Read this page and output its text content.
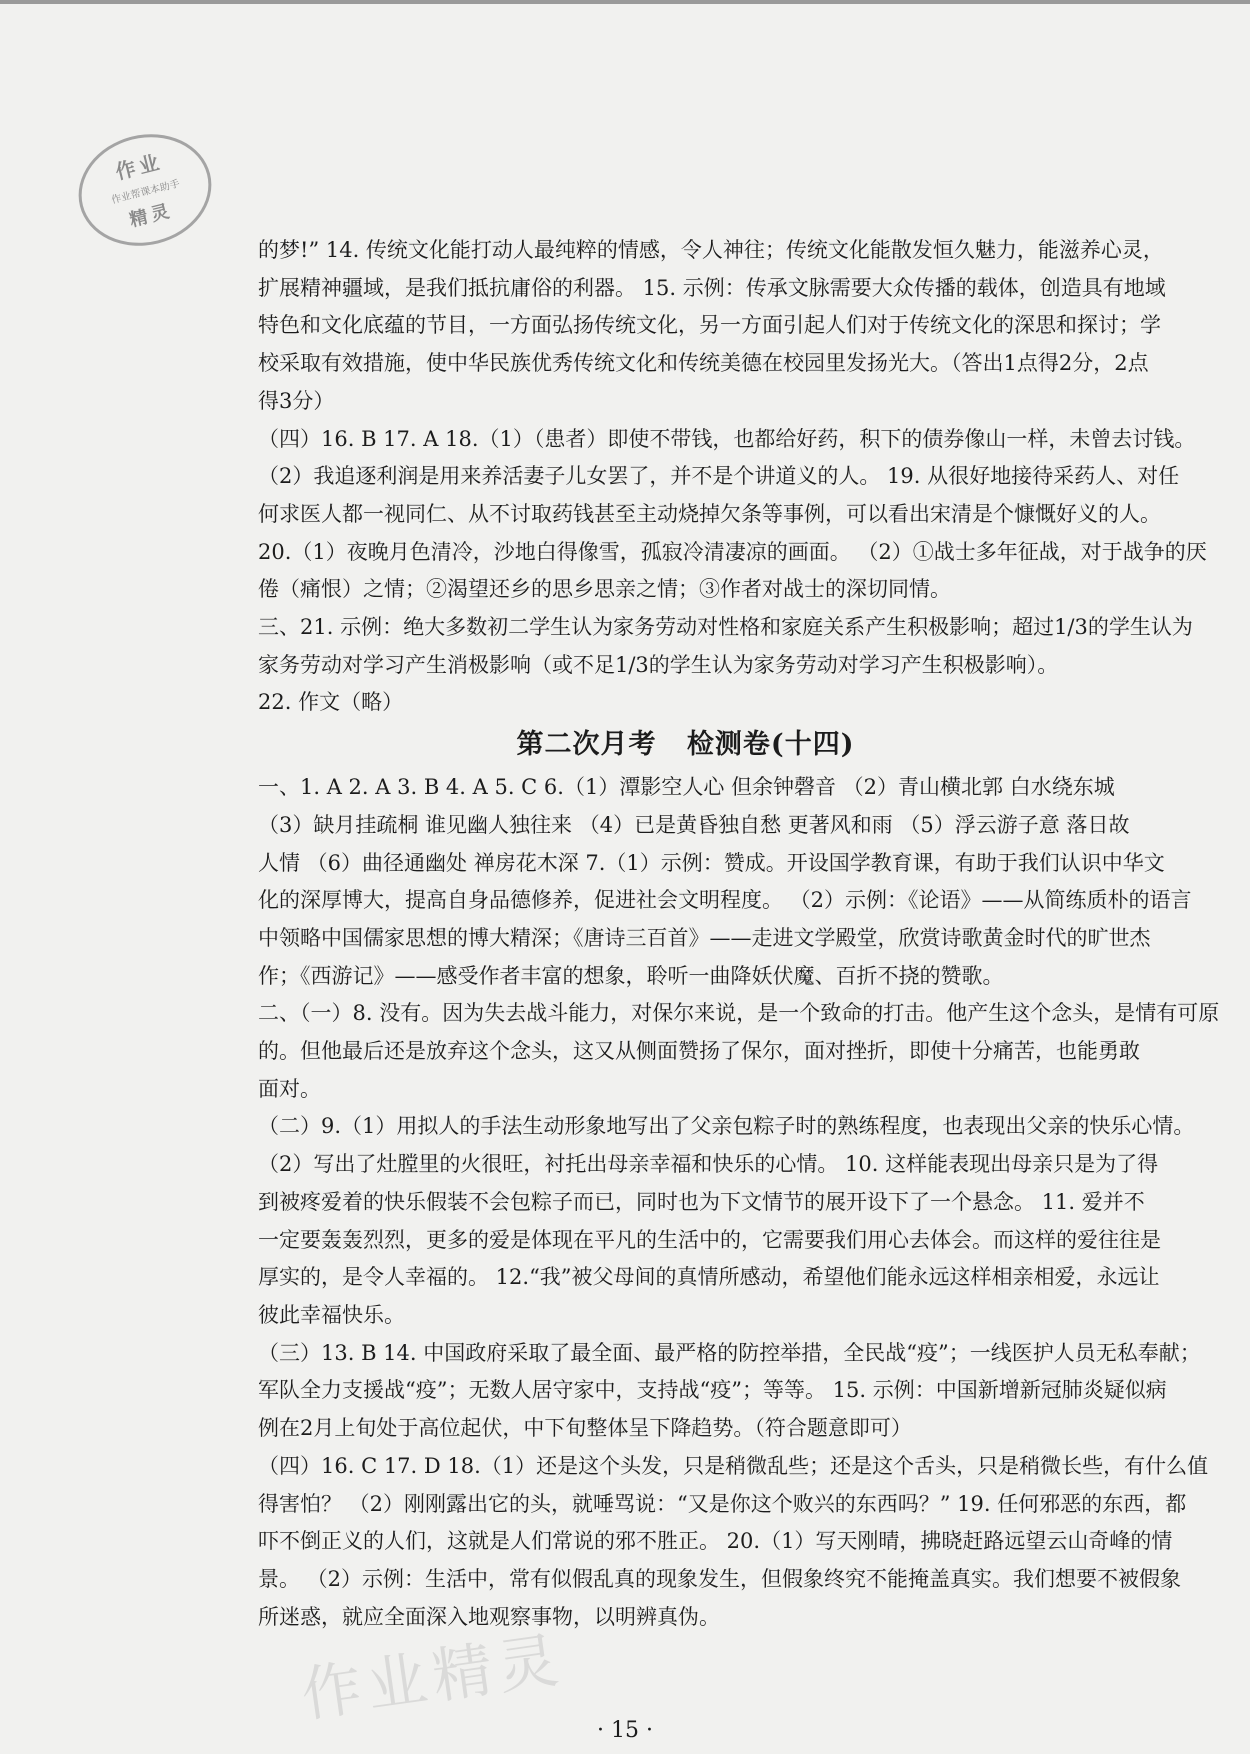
作业
作业帮课本助手
精灵

的梦!” 14. 传统文化能打动人最纯粹的情感，令人神往；传统文化能散发恒久魅力，能滋养心灵，

扩展精神疆域，是我们抵抗庸俗的利器。 15. 示例：传承文脉需要大众传播的载体，创造具有地域

特色和文化底蕴的节目，一方面弘扬传统文化，另一方面引起人们对于传统文化的深思和探讨；学

校采取有效措施，使中华民族优秀传统文化和传统美德在校园里发扬光大。（答出1点得2分，2点

得3分）

（四）16. B 17. A 18.（1）（患者）即使不带钱，也都给好药，积下的债券像山一样，未曾去讨钱。

（2）我追逐利润是用来养活妻子儿女罢了，并不是个讲道义的人。 19. 从很好地接待采药人、对任

何求医人都一视同仁、从不讨取药钱甚至主动烧掉欠条等事例，可以看出宋清是个慷慨好义的人。

20.（1）夜晚月色清冷，沙地白得像雪，孤寂冷清凄凉的画面。 （2）①战士多年征战，对于战争的厌

倦（痛恨）之情；②渴望还乡的思乡思亲之情；③作者对战士的深切同情。

三、21. 示例：绝大多数初二学生认为家务劳动对性格和家庭关系产生积极影响；超过1/3的学生认为

家务劳动对学习产生消极影响（或不足1/3的学生认为家务劳动对学习产生积极影响）。

22. 作文（略）

第二次月考 检测卷(十四)

一、1. A 2. A 3. B 4. A 5. C 6.（1）潭影空人心 但余钟磬音 （2）青山横北郭 白水绕东城

（3）缺月挂疏桐 谁见幽人独往来 （4）已是黄昏独自愁 更著风和雨 （5）浮云游子意 落日故

人情 （6）曲径通幽处 禅房花木深 7.（1）示例：赞成。开设国学教育课，有助于我们认识中华文

化的深厚博大，提高自身品德修养，促进社会文明程度。 （2）示例：《论语》——从简练质朴的语言

中领略中国儒家思想的博大精深；《唐诗三百首》——走进文学殿堂，欣赏诗歌黄金时代的旷世杰

作；《西游记》——感受作者丰富的想象，聆听一曲降妖伏魔、百折不挠的赞歌。

二、（一）8. 没有。因为失去战斗能力，对保尔来说，是一个致命的打击。他产生这个念头，是情有可原

的。但他最后还是放弃这个念头，这又从侧面赞扬了保尔，面对挫折，即使十分痛苦，也能勇敢

面对。

（二）9.（1）用拟人的手法生动形象地写出了父亲包粽子时的熟练程度，也表现出父亲的快乐心情。

（2）写出了灶膛里的火很旺，衬托出母亲幸福和快乐的心情。 10. 这样能表现出母亲只是为了得

到被疼爱着的快乐假装不会包粽子而已，同时也为下文情节的展开设下了一个悬念。 11. 爱并不

一定要轰轰烈烈，更多的爱是体现在平凡的生活中的，它需要我们用心去体会。而这样的爱往往是

厚实的，是令人幸福的。 12.“我”被父母间的真情所感动，希望他们能永远这样相亲相爱，永远让

彼此幸福快乐。

（三）13. B 14. 中国政府采取了最全面、最严格的防控举措，全民战“疫”；一线医护人员无私奉献；

军队全力支援战“疫”；无数人居守家中，支持战“疫”；等等。 15. 示例：中国新增新冠肺炎疑似病

例在2月上旬处于高位起伏，中下旬整体呈下降趋势。（符合题意即可）

（四）16. C 17. D 18.（1）还是这个头发，只是稍微乱些；还是这个舌头，只是稍微长些，有什么值

得害怕？ （2）刚刚露出它的头，就唾骂说：“又是你这个败兴的东西吗？” 19. 任何邪恶的东西，都

吓不倒正义的人们，这就是人们常说的邪不胜正。 20.（1）写天刚晴，拂晓赶路远望云山奇峰的情

景。 （2）示例：生活中，常有似假乱真的现象发生，但假象终究不能掩盖真实。我们想要不被假象

所迷惑，就应全面深入地观察事物，以明辨真伪。

作业精灵	· 15 ·
